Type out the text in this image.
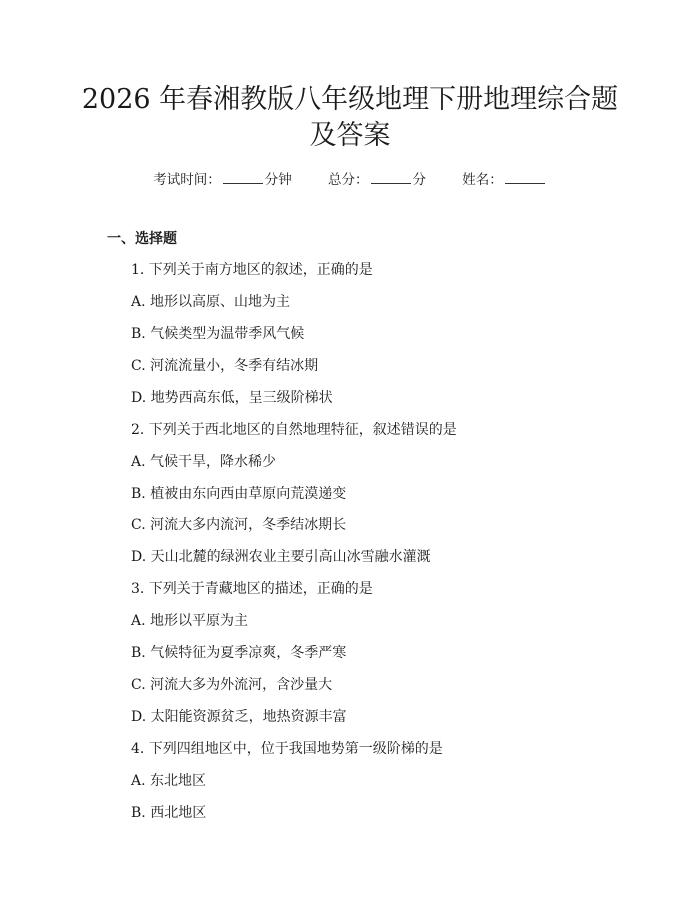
2026 年春湘教版八年级地理下册地理综合题
及答案
考试时间：	分钟	总分：	分	姓名：
一、选择题
1. 下列关于南方地区的叙述，正确的是
A. 地形以高原、山地为主
B. 气候类型为温带季风气候
C. 河流流量小，冬季有结冰期
D. 地势西高东低，呈三级阶梯状
2. 下列关于西北地区的自然地理特征，叙述错误的是
A. 气候干旱，降水稀少
B. 植被由东向西由草原向荒漠递变
C. 河流大多内流河，冬季结冰期长
D. 天山北麓的绿洲农业主要引高山冰雪融水灌溉
3. 下列关于青藏地区的描述，正确的是
A. 地形以平原为主
B. 气候特征为夏季凉爽，冬季严寒
C. 河流大多为外流河，含沙量大
D. 太阳能资源贫乏，地热资源丰富
4. 下列四组地区中，位于我国地势第一级阶梯的是
A. 东北地区
B. 西北地区
